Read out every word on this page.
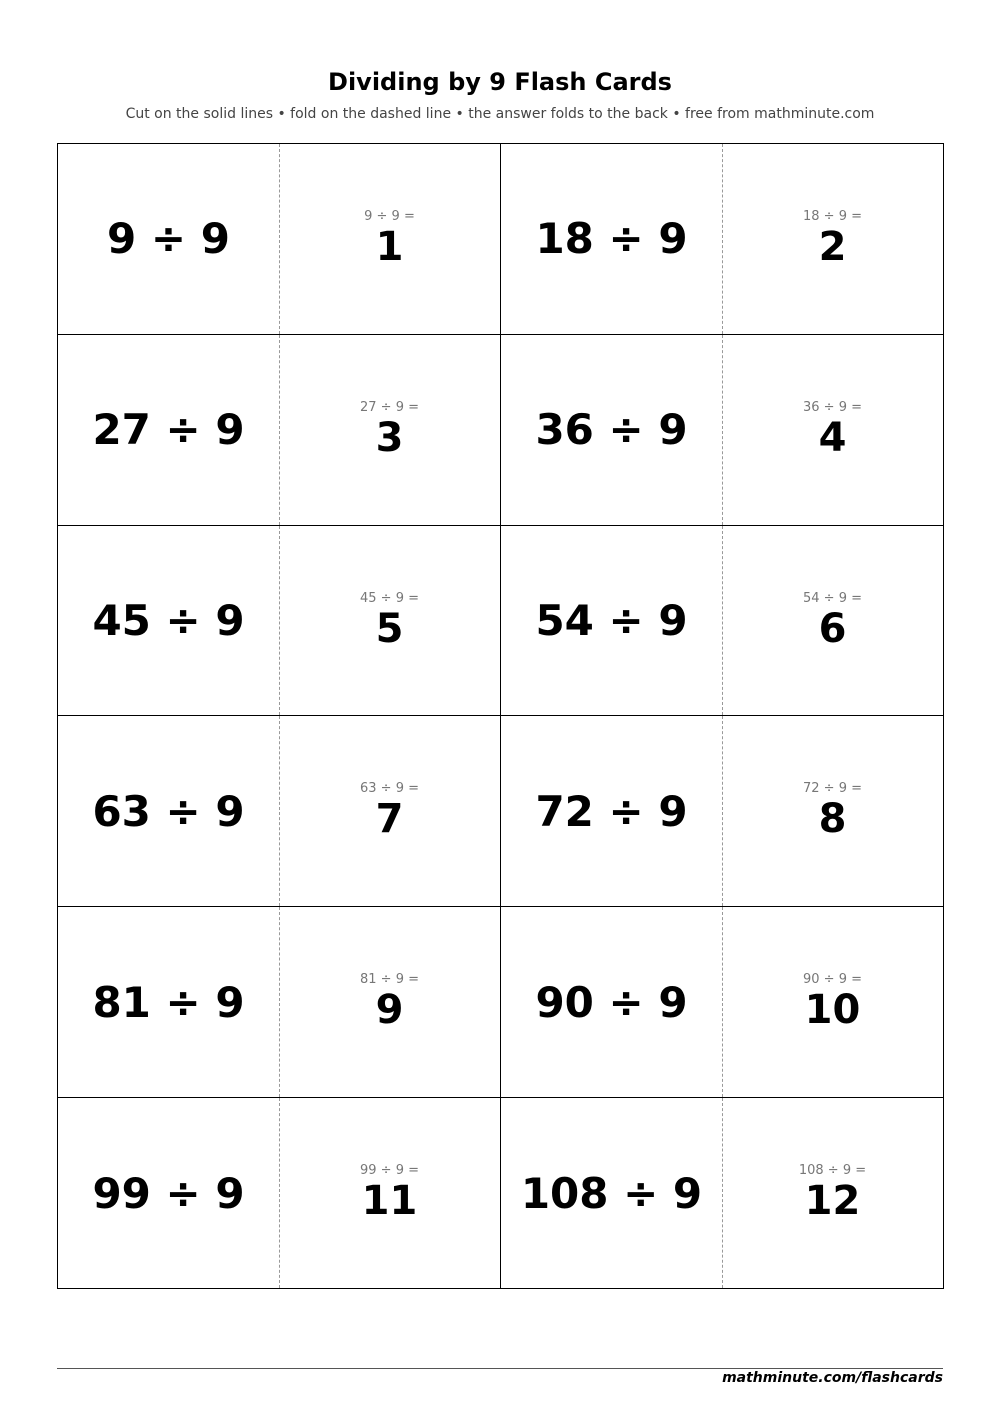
Dividing by 9 Flash Cards
Cut on the solid lines • fold on the dashed line • the answer folds to the back • free from mathminute.com
9 ÷ 9	9 ÷ 9 =
1	18 ÷ 9	18 ÷ 9 =
2
27 ÷ 9	27 ÷ 9 =
3	36 ÷ 9	36 ÷ 9 =
4
45 ÷ 9	45 ÷ 9 =
5	54 ÷ 9	54 ÷ 9 =
6
63 ÷ 9	63 ÷ 9 =
7	72 ÷ 9	72 ÷ 9 =
8
81 ÷ 9	81 ÷ 9 =
9	90 ÷ 9	90 ÷ 9 =
10
99 ÷ 9	99 ÷ 9 =
11	108 ÷ 9	108 ÷ 9 =
12
mathminute.com/flashcards
